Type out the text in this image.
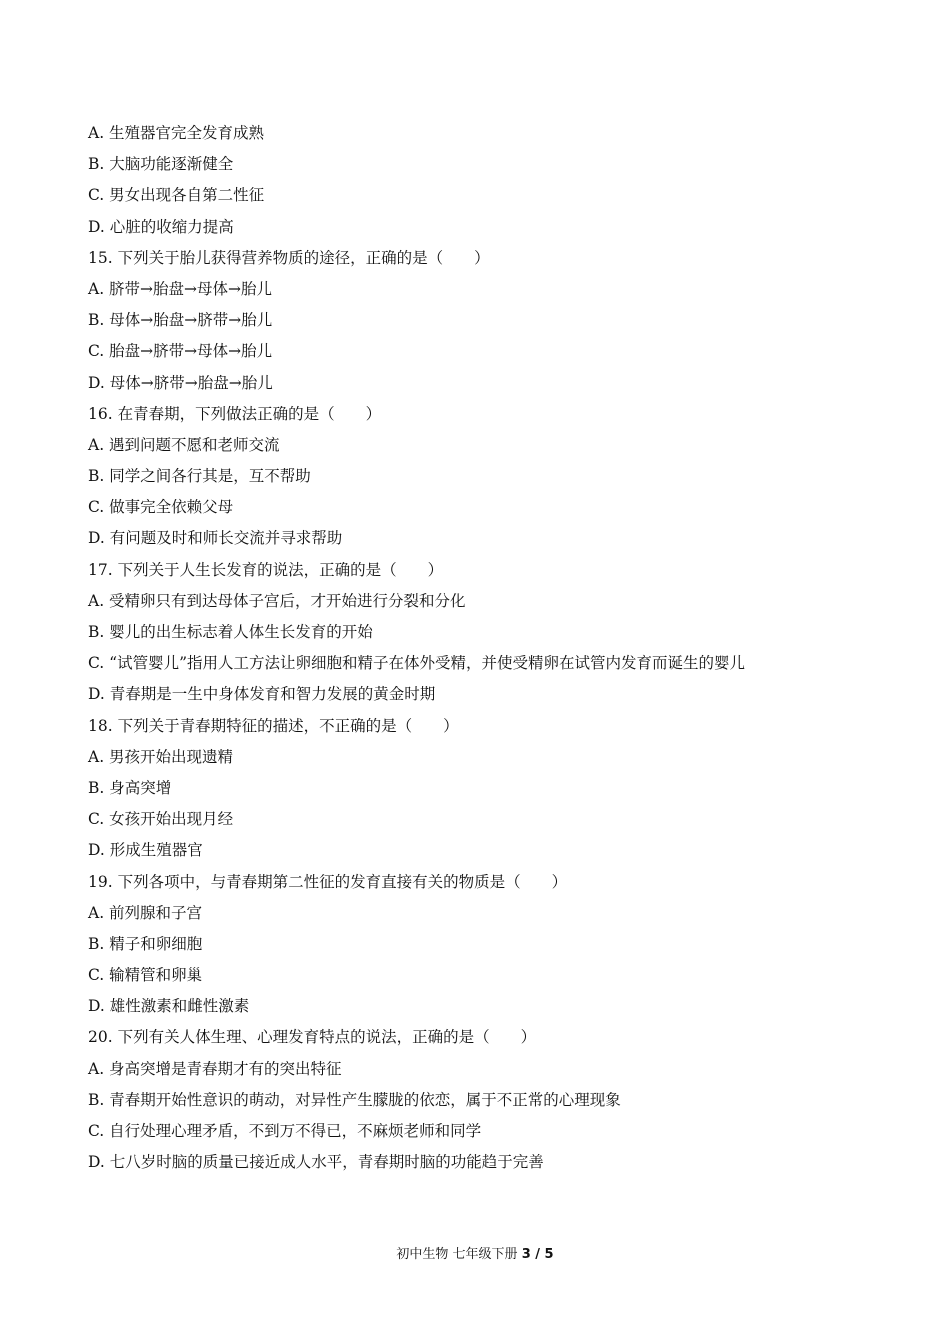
A. 生殖器官完全发育成熟
B. 大脑功能逐渐健全
C. 男女出现各自第二性征
D. 心脏的收缩力提高
15. 下列关于胎儿获得营养物质的途径，正确的是（　　）
A. 脐带→胎盘→母体→胎儿
B. 母体→胎盘→脐带→胎儿
C. 胎盘→脐带→母体→胎儿
D. 母体→脐带→胎盘→胎儿
16. 在青春期，下列做法正确的是（　　）
A. 遇到问题不愿和老师交流
B. 同学之间各行其是，互不帮助
C. 做事完全依赖父母
D. 有问题及时和师长交流并寻求帮助
17. 下列关于人生长发育的说法，正确的是（　　）
A. 受精卵只有到达母体子宫后，才开始进行分裂和分化
B. 婴儿的出生标志着人体生长发育的开始
C. “试管婴儿”指用人工方法让卵细胞和精子在体外受精，并使受精卵在试管内发育而诞生的婴儿
D. 青春期是一生中身体发育和智力发展的黄金时期
18. 下列关于青春期特征的描述，不正确的是（　　）
A. 男孩开始出现遗精
B. 身高突增
C. 女孩开始出现月经
D. 形成生殖器官
19. 下列各项中，与青春期第二性征的发育直接有关的物质是（　　）
A. 前列腺和子宫
B. 精子和卵细胞
C. 输精管和卵巢
D. 雄性激素和雌性激素
20. 下列有关人体生理、心理发育特点的说法，正确的是（　　）
A. 身高突增是青春期才有的突出特征
B. 青春期开始性意识的萌动，对异性产生朦胧的依恋，属于不正常的心理现象
C. 自行处理心理矛盾，不到万不得已，不麻烦老师和同学
D. 七八岁时脑的质量已接近成人水平，青春期时脑的功能趋于完善
初中生物 七年级下册 3 / 5
